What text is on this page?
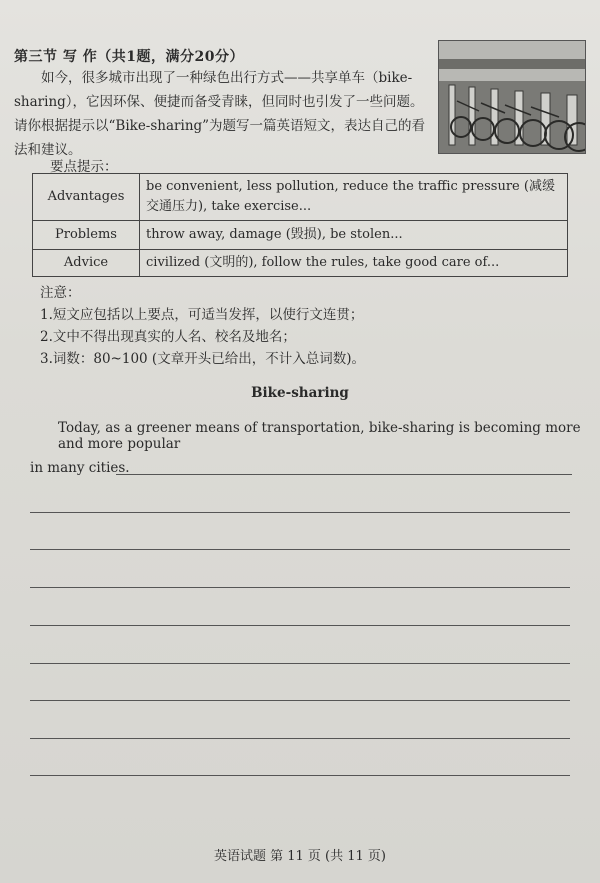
第三节 写 作（共1题，满分20分）
如今，很多城市出现了一种绿色出行方式——共享单车（bike-sharing），它因环保、便捷而备受青睐，但同时也引发了一些问题。请你根据提示以“Bike-sharing”为题写一篇英语短文，表达自己的看法和建议。
要点提示：
Advantages	be convenient, less pollution, reduce the traffic pressure (减缓交通压力), take exercise...
Problems	throw away, damage (毁损), be stolen...
Advice	civilized (文明的), follow the rules, take good care of...
注意：
1.短文应包括以上要点，可适当发挥，以使行文连贯；
2.文中不得出现真实的人名、校名及地名；
3.词数：80~100 (文章开头已给出，不计入总词数)。
Bike-sharing
Today, as a greener means of transportation, bike-sharing is becoming more and more popular
in many cities.
英语试题 第 11 页 (共 11 页)
